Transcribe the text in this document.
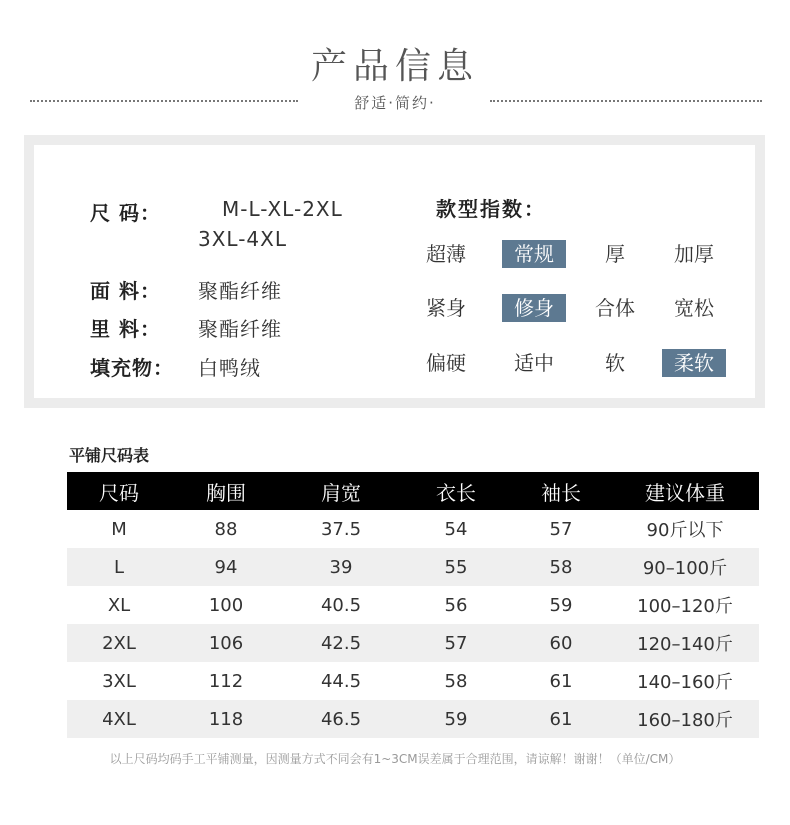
产品信息
舒适·简约·
尺 码：	M-L-XL-2XL
3XL-4XL
面 料： 聚酯纤维
里 料： 聚酯纤维
填充物： 白鸭绒
款型指数：
超薄	常规	厚	加厚
紧身	修身	合体	宽松
偏硬	适中	软	柔软
平铺尺码表
尺码	胸围	肩宽	衣长	袖长	建议体重
M	88	37.5	54	57	90斤以下
L	94	39	55	58	90–100斤
XL	100	40.5	56	59	100–120斤
2XL	106	42.5	57	60	120–140斤
3XL	112	44.5	58	61	140–160斤
4XL	118	46.5	59	61	160–180斤
以上尺码均码手工平铺测量，因测量方式不同会有1~3CM误差属于合理范围，请谅解！谢谢！（单位/CM）
